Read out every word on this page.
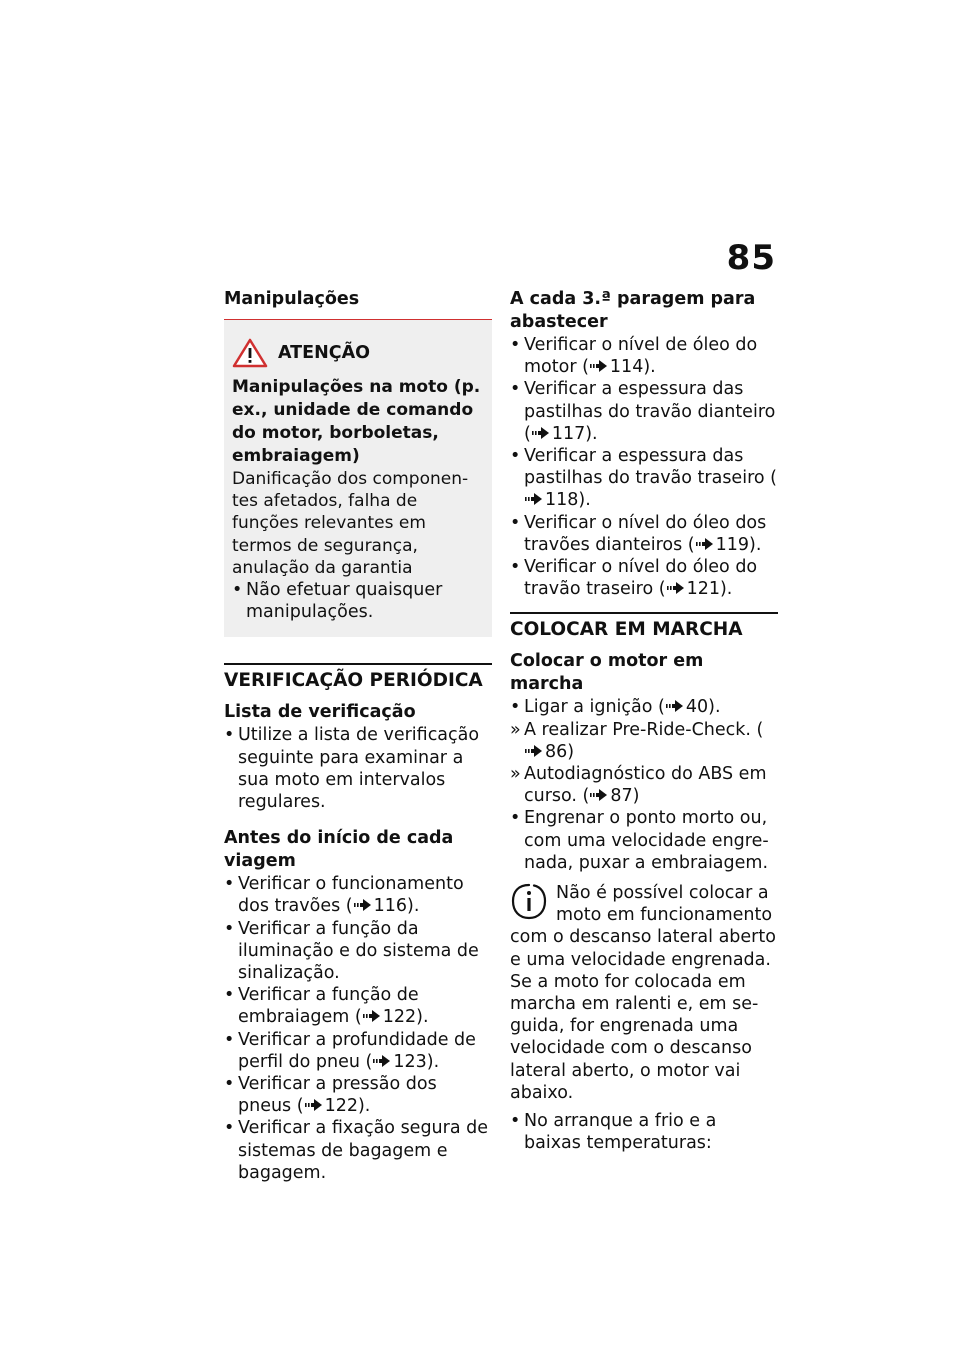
85
Manipulações
ATENÇÃO
Manipulações na moto (p. ex., unidade de comando do motor, borboletas, embraiagem)
Danificação dos componentes afetados, falha de funções relevantes em termos de segurança, anulação da garantia
• Não efetuar quaisquer manipulações.
VERIFICAÇÃO PERIÓDICA
Lista de verificação
• Utilize a lista de verificação seguinte para examinar a sua moto em intervalos regulares.
Antes do início de cada viagem
• Verificar o funcionamento dos travões ( 116).
• Verificar a função da iluminação e do sistema de sinalização.
• Verificar a função de embraiagem ( 122).
• Verificar a profundidade de perfil do pneu ( 123).
• Verificar a pressão dos pneus ( 122).
• Verificar a fixação segura de sistemas de bagagem e bagagem.
A cada 3.ª paragem para abastecer
• Verificar o nível de óleo do motor ( 114).
• Verificar a espessura das pastilhas do travão dianteiro ( 117).
• Verificar a espessura das pastilhas do travão traseiro (118).
• Verificar o nível do óleo dos travões dianteiros ( 119).
• Verificar o nível do óleo do travão traseiro ( 121).
COLOCAR EM MARCHA
Colocar o motor em marcha
• Ligar a ignição ( 40).
» A realizar Pre-Ride-Check. (86)
» Autodiagnóstico do ABS em curso. ( 87)
• Engrenar o ponto morto ou, com uma velocidade engrenada, puxar a embraiagem.
Não é possível colocar a
moto em funcionamento
com o descanso lateral aberto e uma velocidade engrenada. Se a moto for colocada em marcha em ralenti e, em seguida, for engrenada uma velocidade com o descanso lateral aberto, o motor vai abaixo.
• No arranque a frio e a baixas temperaturas:
